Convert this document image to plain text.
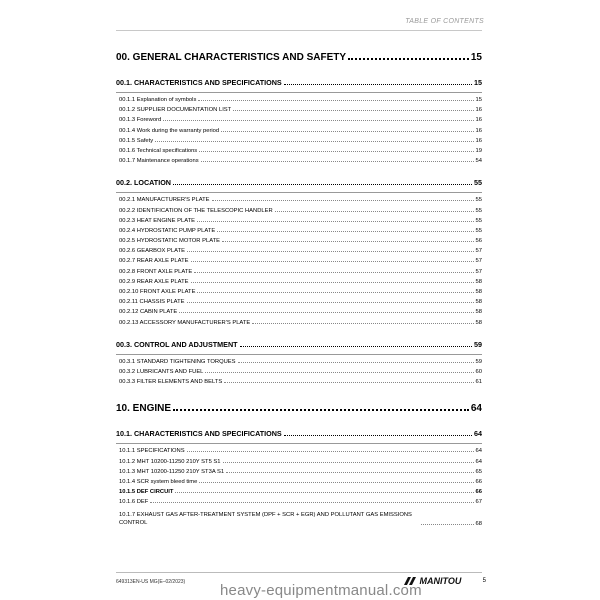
TABLE OF CONTENTS
00. GENERAL CHARACTERISTICS AND SAFETY	15
00.1. CHARACTERISTICS AND SPECIFICATIONS	15
00.1.1 Explanation of symbols	15
00.1.2 SUPPLIER DOCUMENTATION LIST	16
00.1.3 Foreword	16
00.1.4 Work during the warranty period	16
00.1.5 Safety	16
00.1.6 Technical specifications	19
00.1.7 Maintenance operations	54
00.2. LOCATION	55
00.2.1 MANUFACTURER'S PLATE	55
00.2.2 IDENTIFICATION OF THE TELESCOPIC HANDLER	55
00.2.3 HEAT ENGINE PLATE	55
00.2.4 HYDROSTATIC PUMP PLATE	55
00.2.5 HYDROSTATIC MOTOR PLATE	56
00.2.6 GEARBOX PLATE	57
00.2.7 REAR AXLE PLATE	57
00.2.8 FRONT AXLE PLATE	57
00.2.9 REAR AXLE PLATE	58
00.2.10 FRONT AXLE PLATE	58
00.2.11 CHASSIS PLATE	58
00.2.12 CABIN PLATE	58
00.2.13 ACCESSORY MANUFACTURER'S PLATE	58
00.3. CONTROL AND ADJUSTMENT	59
00.3.1 STANDARD TIGHTENING TORQUES	59
00.3.2 LUBRICANTS AND FUEL	60
00.3.3 FILTER ELEMENTS AND BELTS	61
10. ENGINE	64
10.1. CHARACTERISTICS AND SPECIFICATIONS	64
10.1.1 SPECIFICATIONS	64
10.1.2 MHT 10200-11250 210Y ST5 S1	64
10.1.3 MHT 10200-11250 210Y ST3A S1	65
10.1.4 SCR system bleed time	66
10.1.5 DEF CIRCUIT	66
10.1.6 DEF	67
10.1.7 EXHAUST GAS AFTER-TREATMENT SYSTEM (DPF + SCR + EGR) AND POLLUTANT GAS EMISSIONS CONTROL	68
649313EN-US MG(E–02/2023)	MANITOU	5
heavy-equipmentmanual.com
